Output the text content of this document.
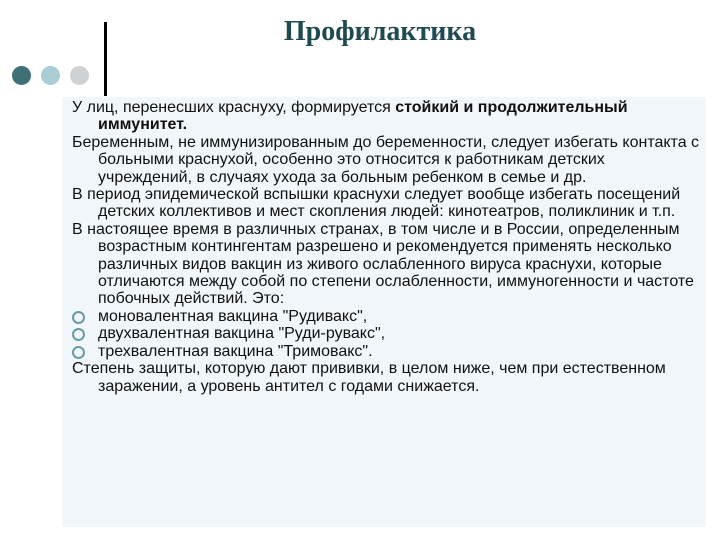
Профилактика

У лиц, перенесших краснуху, формируется стойкий и продолжительный иммунитет.

Беременным, не иммунизированным до беременности, следует избегать контакта с больными краснухой, особенно это относится к работникам детских учреждений, в случаях ухода за больным ребенком в семье и др.

В период эпидемической вспышки краснухи следует вообще избегать посещений детских коллективов и мест скопления людей: кинотеатров, поликлиник и т.п.

В настоящее время в различных странах, в том числе и в России, определенным возрастным контингентам разрешено и рекомендуется применять несколько различных видов вакцин из живого ослабленного вируса краснухи, которые отличаются между собой по степени ослабленности, иммуногенности и частоте побочных действий. Это:

моновалентная вакцина "Рудивакс",
двухвалентная вакцина "Руди-рувакс",
трехвалентная вакцина "Тримовакс".

Степень защиты, которую дают прививки, в целом ниже, чем при естественном заражении, а уровень антител с годами снижается.
